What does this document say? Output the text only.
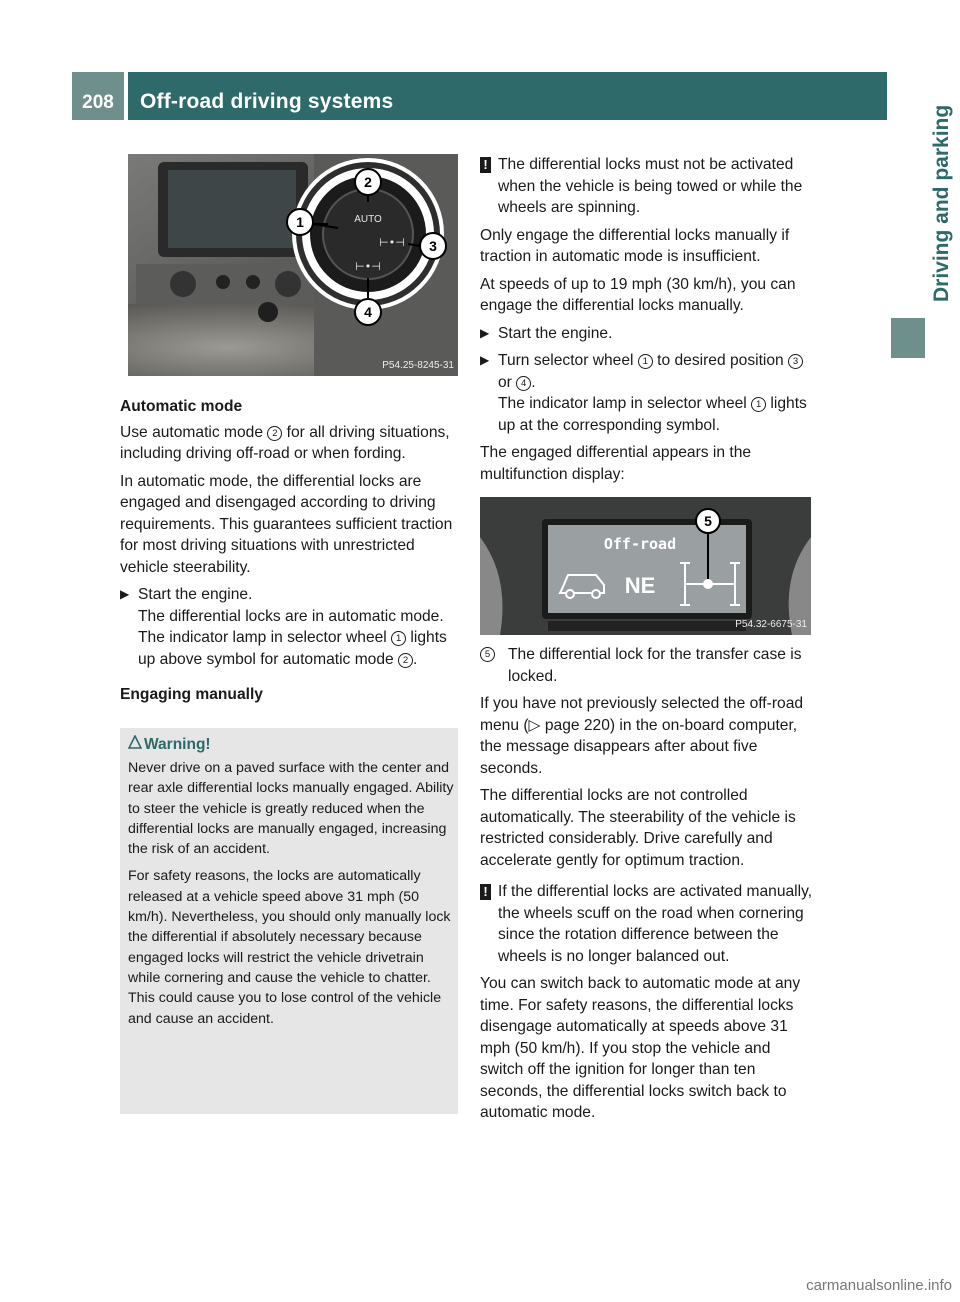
208	Off-road driving systems
Driving and parking
AUTO
⊢•⊣
⊢•⊣
2
1
3
4
P54.25-8245-31

Automatic mode

Use automatic mode 2 for all driving situations, including driving off-road or when fording.

In automatic mode, the differential locks are engaged and disengaged according to driving requirements. This guarantees sufficient traction for most driving situations with unrestricted vehicle steerability.

▶ Start the engine.
The differential locks are in automatic mode. The indicator lamp in selector wheel 1 lights up above symbol for automatic mode 2 .

Engaging manually

Warning!

Never drive on a paved surface with the center and rear axle differential locks manually engaged. Ability to steer the vehicle is greatly reduced when the differential locks are manually engaged, increasing the risk of an accident.

For safety reasons, the locks are automatically released at a vehicle speed above 31 mph (50 km/h). Nevertheless, you should only manually lock the differential if absolutely necessary because engaged locks will restrict the vehicle drivetrain while cornering and cause the vehicle to chatter. This could cause you to lose control of the vehicle and cause an accident.

! The differential locks must not be activated when the vehicle is being towed or while the wheels are spinning.

Only engage the differential locks manually if traction in automatic mode is insufficient.

At speeds of up to 19 mph (30 km/h), you can engage the differential locks manually.

▶ Start the engine.
▶ Turn selector wheel 1 to desired position 3 or 4 .
The indicator lamp in selector wheel 1 lights up at the corresponding symbol.

The engaged differential appears in the multifunction display:

Off-road
NE
5
P54.32-6675-31
5	The differential lock for the transfer case is locked.

If you have not previously selected the off-road menu (▷ page 220) in the on-board computer, the message disappears after about five seconds.

The differential locks are not controlled automatically. The steerability of the vehicle is restricted considerably. Drive carefully and accelerate gently for optimum traction.

! If the differential locks are activated manually, the wheels scuff on the road when cornering since the rotation difference between the wheels is no longer balanced out.

You can switch back to automatic mode at any time. For safety reasons, the differential locks disengage automatically at speeds above 31 mph (50 km/h). If you stop the vehicle and switch off the ignition for longer than ten seconds, the differential locks switch back to automatic mode.

carmanualsonline.info
